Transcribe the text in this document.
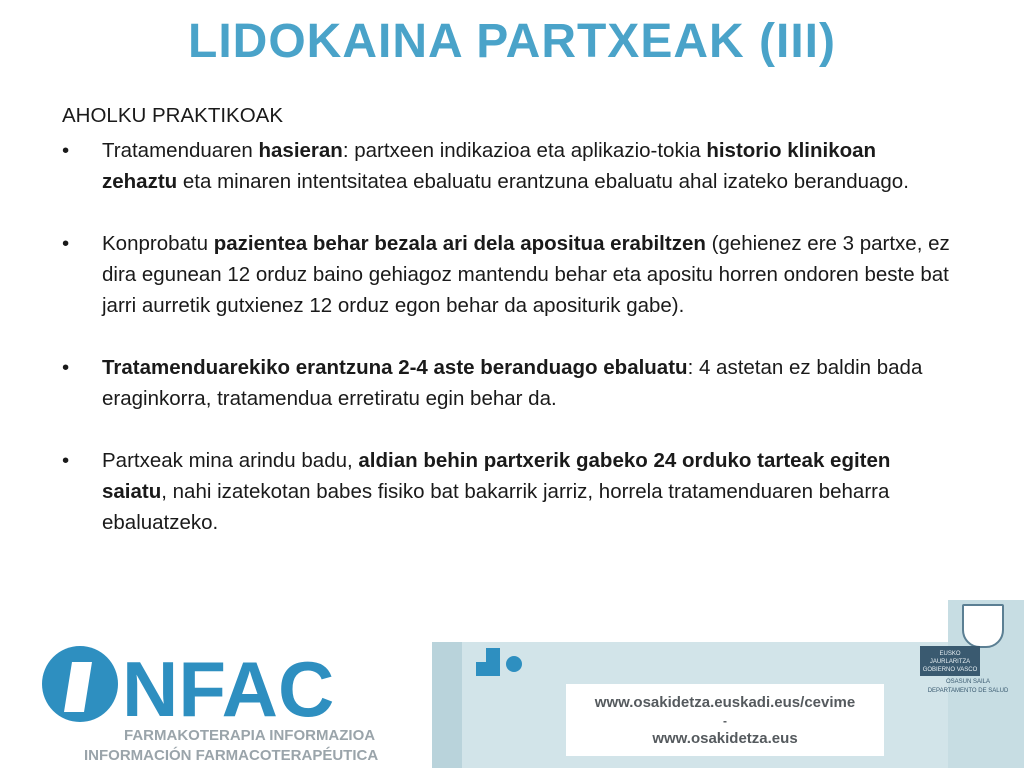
LIDOKAINA PARTXEAK (III)
AHOLKU PRAKTIKOAK
• Tratamenduaren hasieran: partxeen indikazioa eta aplikazio-tokia historio klinikoan zehaztu eta minaren intentsitatea ebaluatu erantzuna ebaluatu ahal izateko beranduago.
• Konprobatu pazientea behar bezala ari dela apositua erabiltzen (gehienez ere 3 partxe, ez dira egunean 12 orduz baino gehiagoz mantendu behar eta apositu horren ondoren beste bat jarri aurretik gutxienez 12 orduz egon behar da apositurik gabe).
• Tratamenduarekiko erantzuna 2-4 aste beranduago ebaluatu: 4 astetan ez baldin bada eraginkorra, tratamendua erretiratu egin behar da.
• Partxeak mina arindu badu, aldian behin partxerik gabeko 24 orduko tarteak egiten saiatu, nahi izatekotan babes fisiko bat bakarrik jarriz, horrela tratamenduaren beharra ebaluatzeko.
NFAC
FARMAKOTERAPIA INFORMAZIOA
INFORMACIÓN FARMACOTERAPÉUTICA
www.osakidetza.euskadi.eus/cevime
-
www.osakidetza.eus
EUSKO JAURLARITZA
GOBIERNO VASCO
OSASUN SAILA
DEPARTAMENTO DE SALUD
